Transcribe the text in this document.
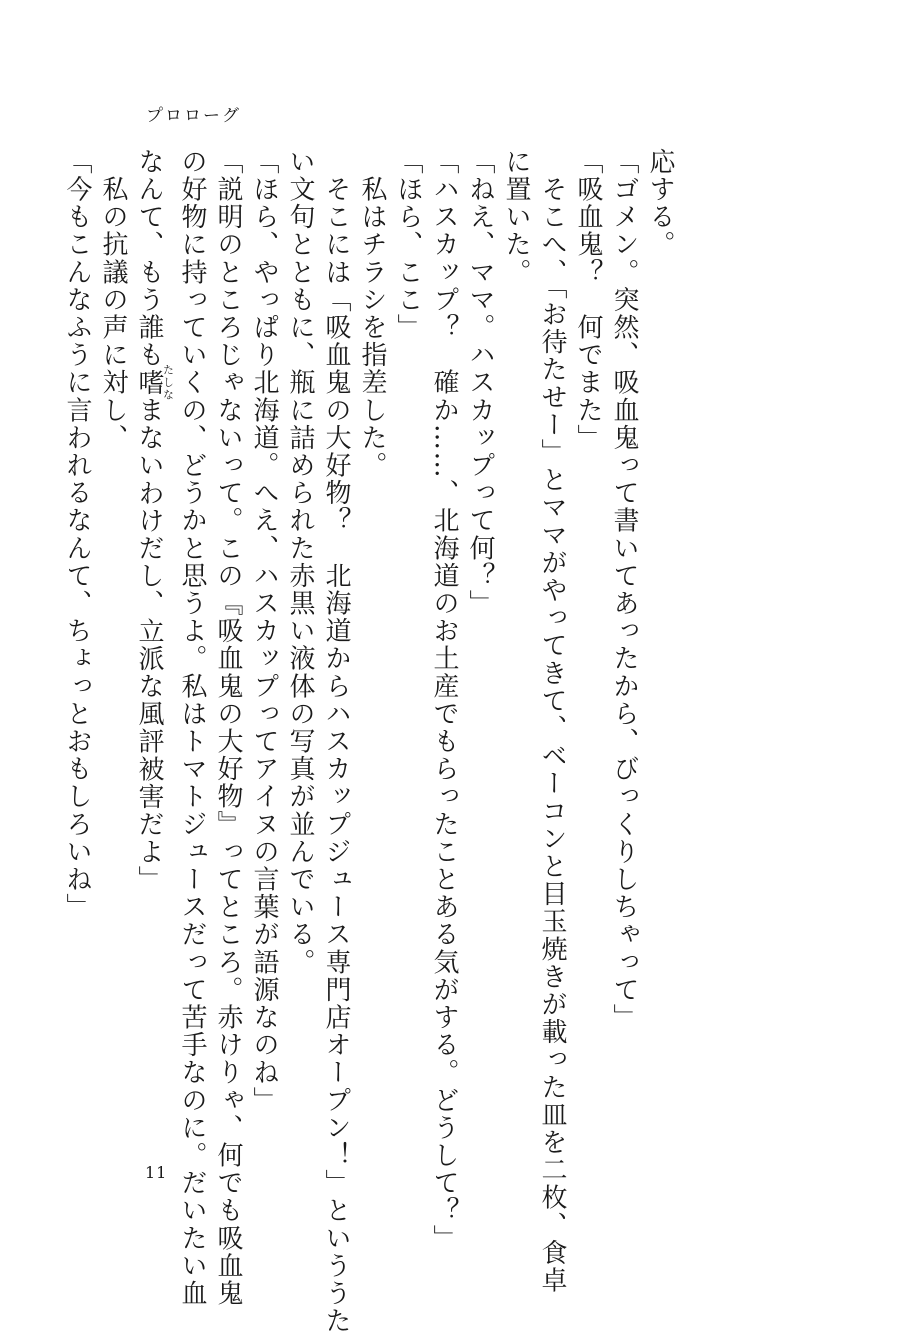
プロローグ

応する。

「ゴメン。突然、吸血鬼って書いてあったから、びっくりしちゃって」

「吸血鬼？　何でまた」

　そこへ、「お待たせー」とママがやってきて、ベーコンと目玉焼きが載った皿を二枚、食卓

に置いた。

「ねえ、ママ。ハスカップって何？」

「ハスカップ？　確か……、北海道のお土産でもらったことある気がする。どうして？」

「ほら、ここ」

　私はチラシを指差した。

　そこには「吸血鬼の大好物？　北海道からハスカップジュース専門店オープン！」といううた

い文句とともに、瓶に詰められた赤黒い液体の写真が並んでいる。

「ほら、やっぱり北海道。へえ、ハスカップってアイヌの言葉が語源なのね」

「説明のところじゃないって。この『吸血鬼の大好物』ってところ。赤けりゃ、何でも吸血鬼

の好物に持っていくの、どうかと思うよ。私はトマトジュースだって苦手なのに。だいたい血

なんて、もう誰も嗜たしなまないわけだし、立派な風評被害だよ」

　私の抗議の声に対し、

「今もこんなふうに言われるなんて、ちょっとおもしろいね」

11
